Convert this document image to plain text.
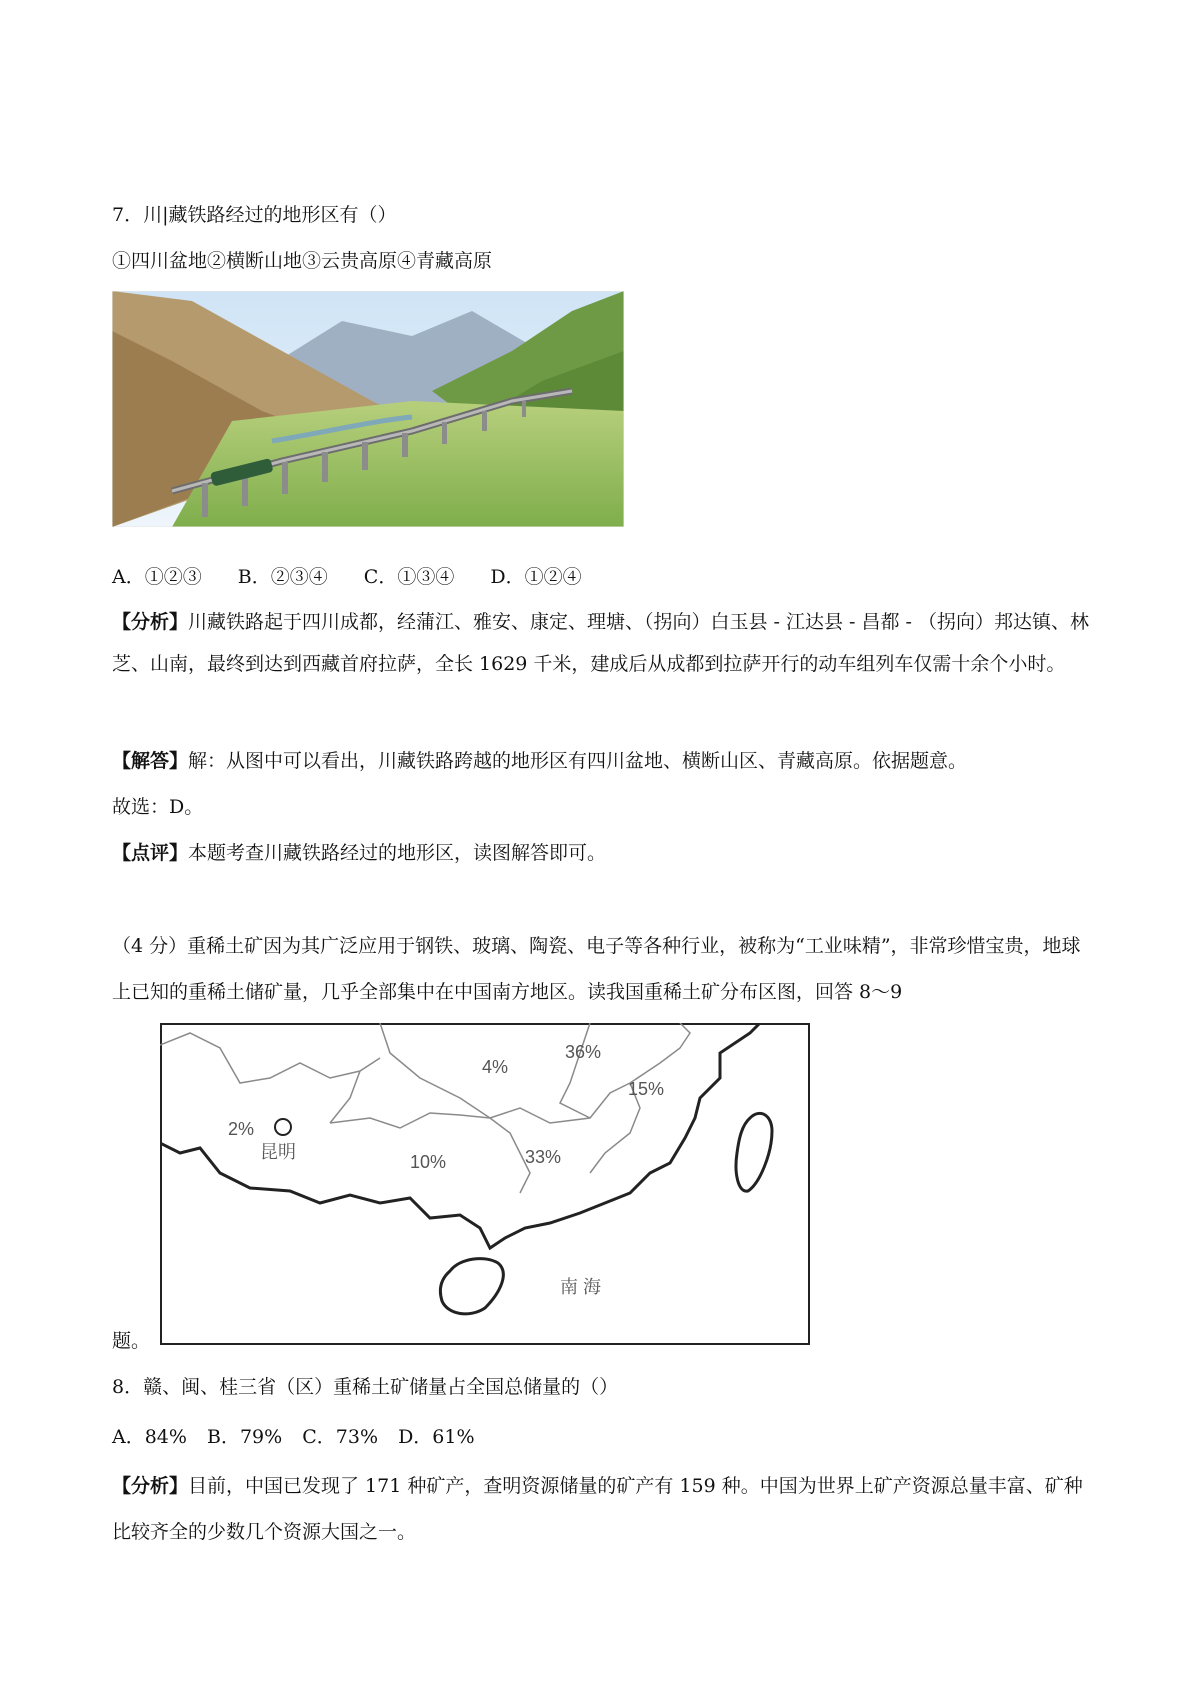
7．川|藏铁路经过的地形区有（）
①四川盆地②横断山地③云贵高原④青藏高原
A．①②③ B．②③④ C．①③④ D．①②④
【分析】川藏铁路起于四川成都，经蒲江、雅安、康定、理塘、（拐向）白玉县 - 江达县 - 昌都 - （拐向）邦达镇、林芝、山南，最终到达到西藏首府拉萨，全长 1629 千米，建成后从成都到拉萨开行的动车组列车仅需十余个小时。
【解答】解：从图中可以看出，川藏铁路跨越的地形区有四川盆地、横断山区、青藏高原。依据题意。
故选：D。
【点评】本题考查川藏铁路经过的地形区，读图解答即可。
（4 分）重稀土矿因为其广泛应用于钢铁、玻璃、陶瓷、电子等各种行业，被称为“工业味精”，非常珍惜宝贵，地球上已知的重稀土储矿量，几乎全部集中在中国南方地区。读我国重稀土矿分布区图，回答 8～9
2%
昆明
4%
36%
15%
10%	33%
南 海
题。
8．赣、闽、桂三省（区）重稀土矿储量占全国总储量的（）
A．84% B．79% C．73% D．61%
【分析】目前，中国已发现了 171 种矿产，查明资源储量的矿产有 159 种。中国为世界上矿产资源总量丰富、矿种比较齐全的少数几个资源大国之一。
